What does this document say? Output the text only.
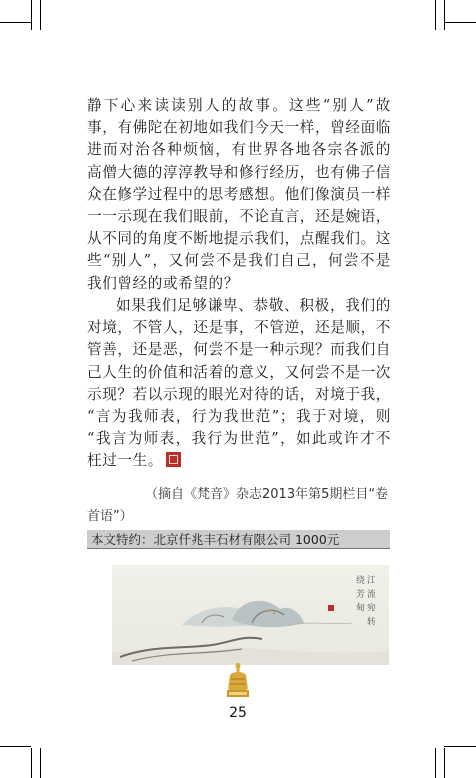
静下心来读读别人的故事。这些“别人”故
事，有佛陀在初地如我们今天一样，曾经面临
进而对治各种烦恼，有世界各地各宗各派的
高僧大德的淳淳教导和修行经历，也有佛子信
众在修学过程中的思考感想。他们像演员一样
一一示现在我们眼前，不论直言，还是婉语，
从不同的角度不断地提示我们，点醒我们。这
些“别人”，又何尝不是我们自己，何尝不是
我们曾经的或希望的？
如果我们足够谦卑、恭敬、积极，我们的
对境，不管人，还是事，不管逆，还是顺，不
管善，还是恶，何尝不是一种示现？而我们自
己人生的价值和活着的意义，又何尝不是一次
示现？若以示现的眼光对待的话，对境于我，
“言为我师表，行为我世范”；我于对境，则
“我言为师表，我行为世范”，如此或许才不
枉过一生。
（摘自《梵音》杂志2013年第5期栏目“卷
首语”）
本文特约：北京仟兆丰石材有限公司 1000元
江 流 宛 转 绕 芳 甸
25
